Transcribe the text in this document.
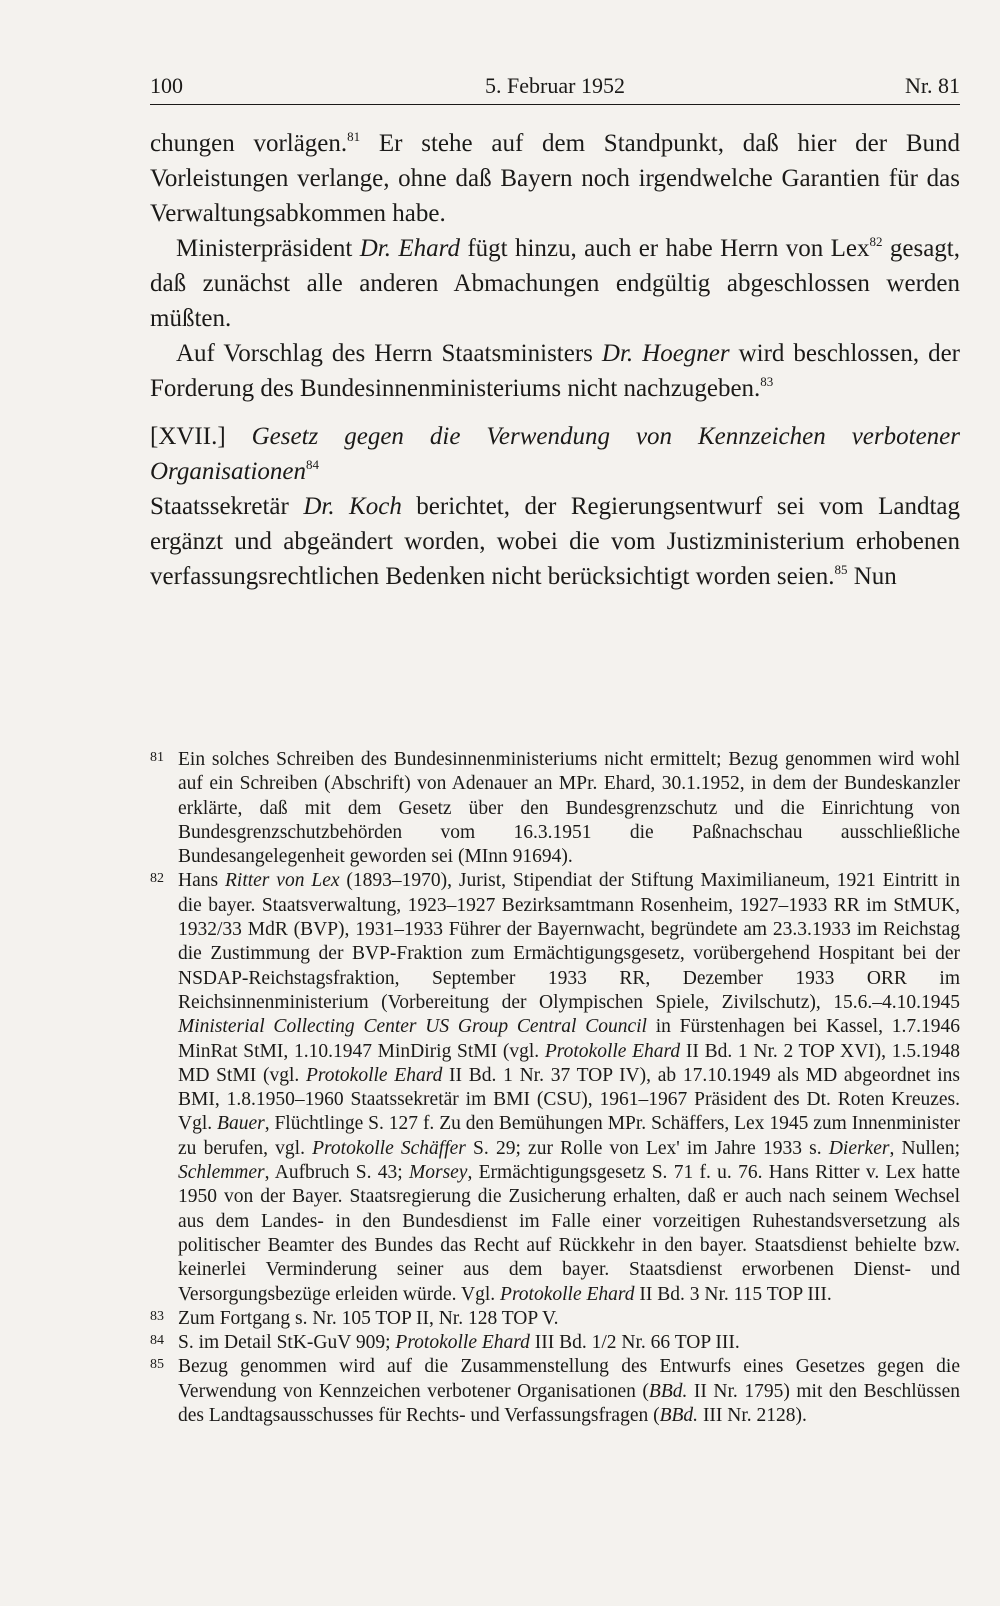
100	5. Februar 1952	Nr. 81

chungen vorlägen.$^{81}$ Er stehe auf dem Standpunkt, daß hier der Bund Vorleistungen verlange, ohne daß Bayern noch irgendwelche Garantien für das Verwaltungsabkommen habe.

Ministerpräsident Dr. Ehard fügt hinzu, auch er habe Herrn von Lex$^{82}$ gesagt, daß zunächst alle anderen Abmachungen endgültig abgeschlossen werden müßten.

Auf Vorschlag des Herrn Staatsministers Dr. Hoegner wird beschlossen, der Forderung des Bundesinnenministeriums nicht nachzugeben.$^{83}$

[XVII.] Gesetz gegen die Verwendung von Kennzeichen verbotener Organisationen$^{84}$

Staatssekretär Dr. Koch berichtet, der Regierungsentwurf sei vom Landtag ergänzt und abgeändert worden, wobei die vom Justizministerium erhobenen verfassungsrechtlichen Bedenken nicht berücksichtigt worden seien.$^{85}$ Nun

81 Ein solches Schreiben des Bundesinnenministeriums nicht ermittelt; Bezug genommen wird wohl auf ein Schreiben (Abschrift) von Adenauer an MPr. Ehard, 30.1.1952, in dem der Bundeskanzler erklärte, daß mit dem Gesetz über den Bundesgrenzschutz und die Einrichtung von Bundesgrenzschutzbehörden vom 16.3.1951 die Paßnachschau ausschließliche Bundesangelegenheit geworden sei (MInn 91694).
82 Hans Ritter von Lex (1893–1970), Jurist, Stipendiat der Stiftung Maximilianeum, 1921 Eintritt in die bayer. Staatsverwaltung, 1923–1927 Bezirksamtmann Rosenheim, 1927–1933 RR im StMUK, 1932/33 MdR (BVP), 1931–1933 Führer der Bayernwacht, begründete am 23.3.1933 im Reichstag die Zustimmung der BVP-Fraktion zum Ermächtigungsgesetz, vorübergehend Hospitant bei der NSDAP-Reichstagsfraktion, September 1933 RR, Dezember 1933 ORR im Reichsinnenministerium (Vorbereitung der Olympischen Spiele, Zivilschutz), 15.6.–4.10.1945 Ministerial Collecting Center US Group Central Council in Fürstenhagen bei Kassel, 1.7.1946 MinRat StMI, 1.10.1947 MinDirig StMI (vgl. Protokolle Ehard II Bd. 1 Nr. 2 TOP XVI), 1.5.1948 MD StMI (vgl. Protokolle Ehard II Bd. 1 Nr. 37 TOP IV), ab 17.10.1949 als MD abgeordnet ins BMI, 1.8.1950–1960 Staatssekretär im BMI (CSU), 1961–1967 Präsident des Dt. Roten Kreuzes. Vgl. Bauer, Flüchtlinge S. 127 f. Zu den Bemühungen MPr. Schäffers, Lex 1945 zum Innenminister zu berufen, vgl. Protokolle Schäffer S. 29; zur Rolle von Lex' im Jahre 1933 s. Dierker, Nullen; Schlemmer, Aufbruch S. 43; Morsey, Ermächtigungsgesetz S. 71 f. u. 76. Hans Ritter v. Lex hatte 1950 von der Bayer. Staatsregierung die Zusicherung erhalten, daß er auch nach seinem Wechsel aus dem Landes- in den Bundesdienst im Falle einer vorzeitigen Ruhestandsversetzung als politischer Beamter des Bundes das Recht auf Rückkehr in den bayer. Staatsdienst behielte bzw. keinerlei Verminderung seiner aus dem bayer. Staatsdienst erworbenen Dienst- und Versorgungsbezüge erleiden würde. Vgl. Protokolle Ehard II Bd. 3 Nr. 115 TOP III.
83 Zum Fortgang s. Nr. 105 TOP II, Nr. 128 TOP V.
84 S. im Detail StK-GuV 909; Protokolle Ehard III Bd. 1/2 Nr. 66 TOP III.
85 Bezug genommen wird auf die Zusammenstellung des Entwurfs eines Gesetzes gegen die Verwendung von Kennzeichen verbotener Organisationen (BBd. II Nr. 1795) mit den Beschlüssen des Landtagsausschusses für Rechts- und Verfassungsfragen (BBd. III Nr. 2128).
